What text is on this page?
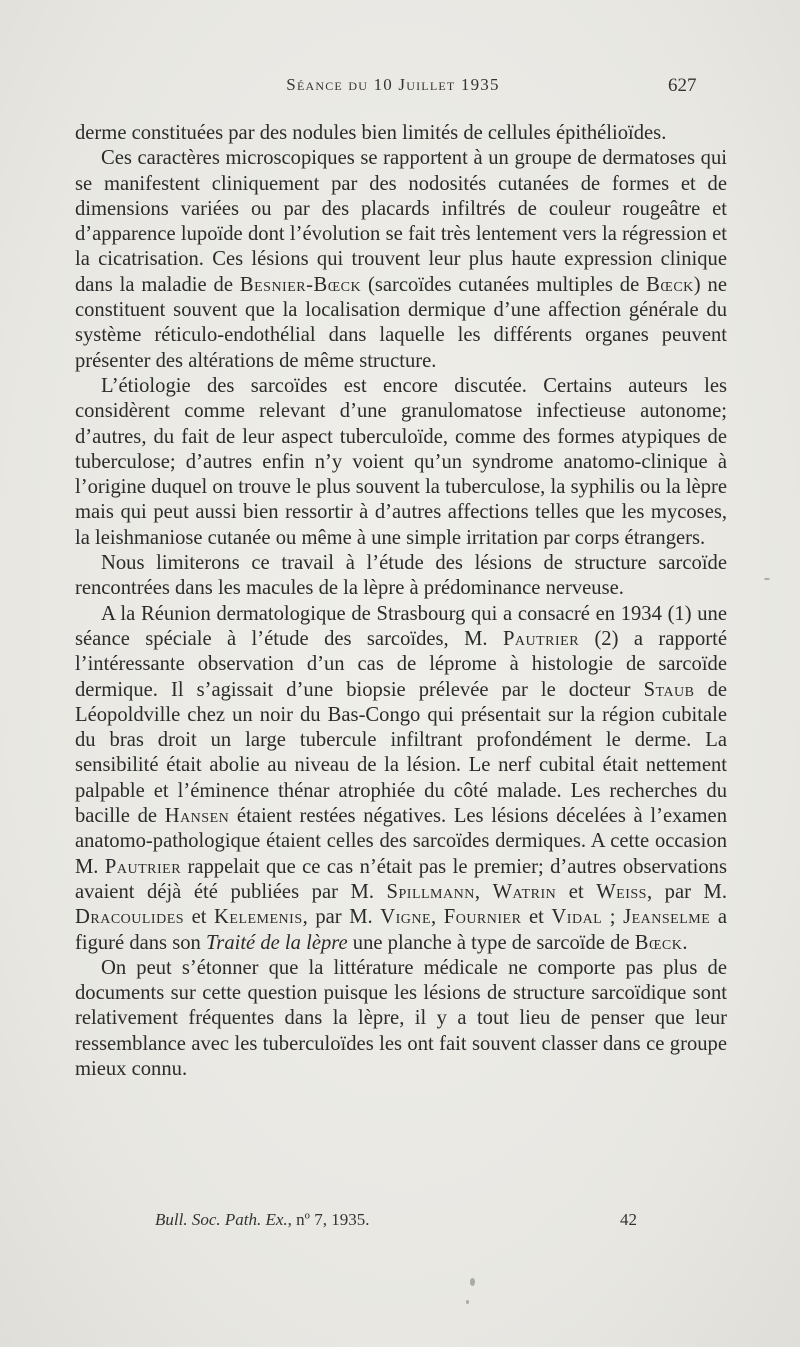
Séance du 10 Juillet 1935	627

derme constituées par des nodules bien limités de cellules épithélioïdes.

Ces caractères microscopiques se rapportent à un groupe de dermatoses qui se manifestent cliniquement par des nodosités cutanées de formes et de dimensions variées ou par des placards infiltrés de couleur rougeâtre et d’apparence lupoïde dont l’évolution se fait très lentement vers la régression et la cicatrisation. Ces lésions qui trouvent leur plus haute expression clinique dans la maladie de Besnier-Bœck (sarcoïdes cutanées multiples de Bœck) ne constituent souvent que la localisation dermique d’une affection générale du système réticulo-endothélial dans laquelle les différents organes peuvent présenter des altérations de même structure.

L’étiologie des sarcoïdes est encore discutée. Certains auteurs les considèrent comme relevant d’une granulomatose infectieuse autonome; d’autres, du fait de leur aspect tuberculoïde, comme des formes atypiques de tuberculose; d’autres enfin n’y voient qu’un syndrome anatomo-clinique à l’origine duquel on trouve le plus souvent la tuberculose, la syphilis ou la lèpre mais qui peut aussi bien ressortir à d’autres affections telles que les mycoses, la leishmaniose cutanée ou même à une simple irritation par corps étrangers.

Nous limiterons ce travail à l’étude des lésions de structure sarcoïde rencontrées dans les macules de la lèpre à prédominance nerveuse.

A la Réunion dermatologique de Strasbourg qui a consacré en 1934 (1) une séance spéciale à l’étude des sarcoïdes, M. Pautrier (2) a rapporté l’intéressante observation d’un cas de léprome à histologie de sarcoïde dermique. Il s’agissait d’une biopsie prélevée par le docteur Staub de Léopoldville chez un noir du Bas-Congo qui présentait sur la région cubitale du bras droit un large tubercule infiltrant profondément le derme. La sensibilité était abolie au niveau de la lésion. Le nerf cubital était nettement palpable et l’éminence thénar atrophiée du côté malade. Les recherches du bacille de Hansen étaient restées négatives. Les lésions décelées à l’examen anatomo-pathologique étaient celles des sarcoïdes dermiques. A cette occasion M. Pautrier rappelait que ce cas n’était pas le premier; d’autres observations avaient déjà été publiées par M. Spillmann, Watrin et Weiss, par M. Dracoulides et Kelemenis, par M. Vigne, Fournier et Vidal ; Jeanselme a figuré dans son Traité de la lèpre une planche à type de sarcoïde de Bœck.

On peut s’étonner que la littérature médicale ne comporte pas plus de documents sur cette question puisque les lésions de structure sarcoïdique sont relativement fréquentes dans la lèpre, il y a tout lieu de penser que leur ressemblance avec les tuberculoïdes les ont fait souvent classer dans ce groupe mieux connu.

Bull. Soc. Path. Ex., nº 7, 1935.	42
